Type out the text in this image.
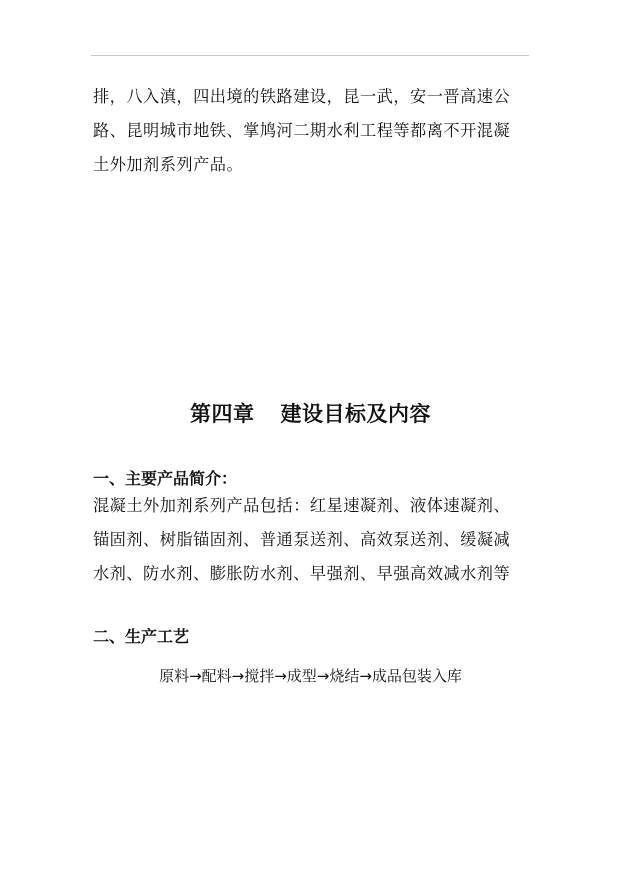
排，八入滇，四出境的铁路建设，昆一武，安一晋高速公路、昆明城市地铁、掌鸠河二期水利工程等都离不开混凝土外加剂系列产品。

第四章 建设目标及内容
一、主要产品简介：

混凝土外加剂系列产品包括：红星速凝剂、液体速凝剂、锚固剂、树脂锚固剂、普通泵送剂、高效泵送剂、缓凝减水剂、防水剂、膨胀防水剂、早强剂、早强高效减水剂等

二、生产工艺

原料→配料→搅拌→成型→烧结→成品包装入库
